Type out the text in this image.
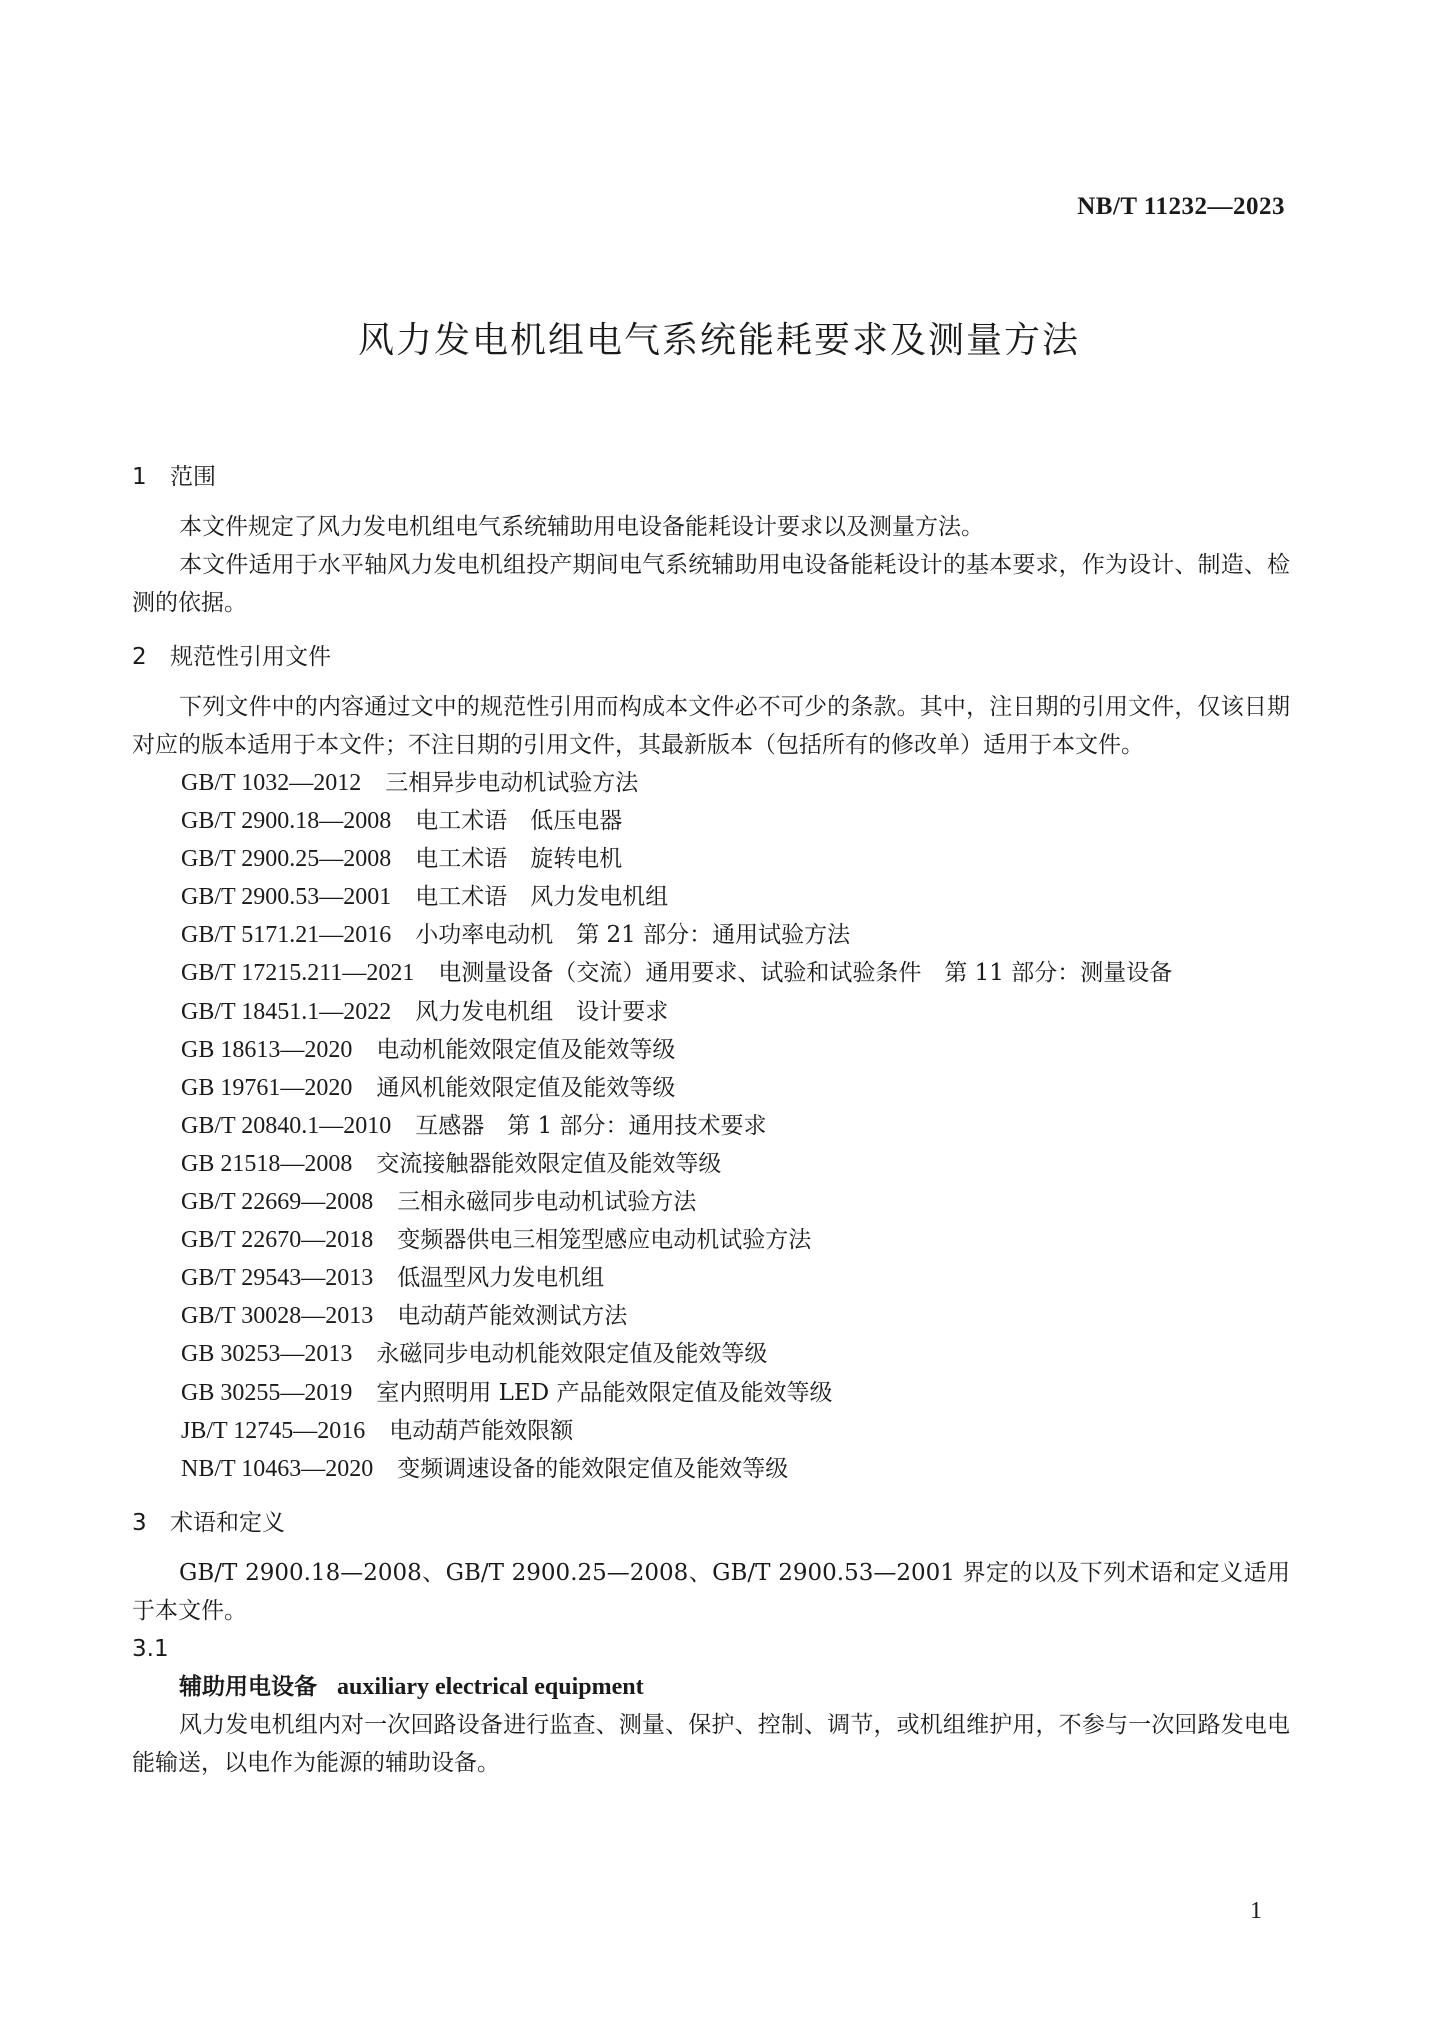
NB/T 11232—2023
风力发电机组电气系统能耗要求及测量方法

1 范围

本文件规定了风力发电机组电气系统辅助用电设备能耗设计要求以及测量方法。

本文件适用于水平轴风力发电机组投产期间电气系统辅助用电设备能耗设计的基本要求，作为设计、制造、检测的依据。

2 规范性引用文件

下列文件中的内容通过文中的规范性引用而构成本文件必不可少的条款。其中，注日期的引用文件，仅该日期对应的版本适用于本文件；不注日期的引用文件，其最新版本（包括所有的修改单）适用于本文件。

GB/T 1032—2012 三相异步电动机试验方法
GB/T 2900.18—2008 电工术语　低压电器
GB/T 2900.25—2008 电工术语　旋转电机
GB/T 2900.53—2001 电工术语　风力发电机组
GB/T 5171.21—2016 小功率电动机　第 21 部分：通用试验方法
GB/T 17215.211—2021 电测量设备（交流）通用要求、试验和试验条件　第 11 部分：测量设备
GB/T 18451.1—2022 风力发电机组　设计要求
GB 18613—2020 电动机能效限定值及能效等级
GB 19761—2020 通风机能效限定值及能效等级
GB/T 20840.1—2010 互感器　第 1 部分：通用技术要求
GB 21518—2008 交流接触器能效限定值及能效等级
GB/T 22669—2008 三相永磁同步电动机试验方法
GB/T 22670—2018 变频器供电三相笼型感应电动机试验方法
GB/T 29543—2013 低温型风力发电机组
GB/T 30028—2013 电动葫芦能效测试方法
GB 30253—2013 永磁同步电动机能效限定值及能效等级
GB 30255—2019 室内照明用 LED 产品能效限定值及能效等级
JB/T 12745—2016 电动葫芦能效限额
NB/T 10463—2020 变频调速设备的能效限定值及能效等级

3 术语和定义

GB/T 2900.18—2008、GB/T 2900.25—2008、GB/T 2900.53—2001 界定的以及下列术语和定义适用于本文件。

3.1

辅助用电设备 auxiliary electrical equipment

风力发电机组内对一次回路设备进行监查、测量、保护、控制、调节，或机组维护用，不参与一次回路发电电能输送，以电作为能源的辅助设备。

1
